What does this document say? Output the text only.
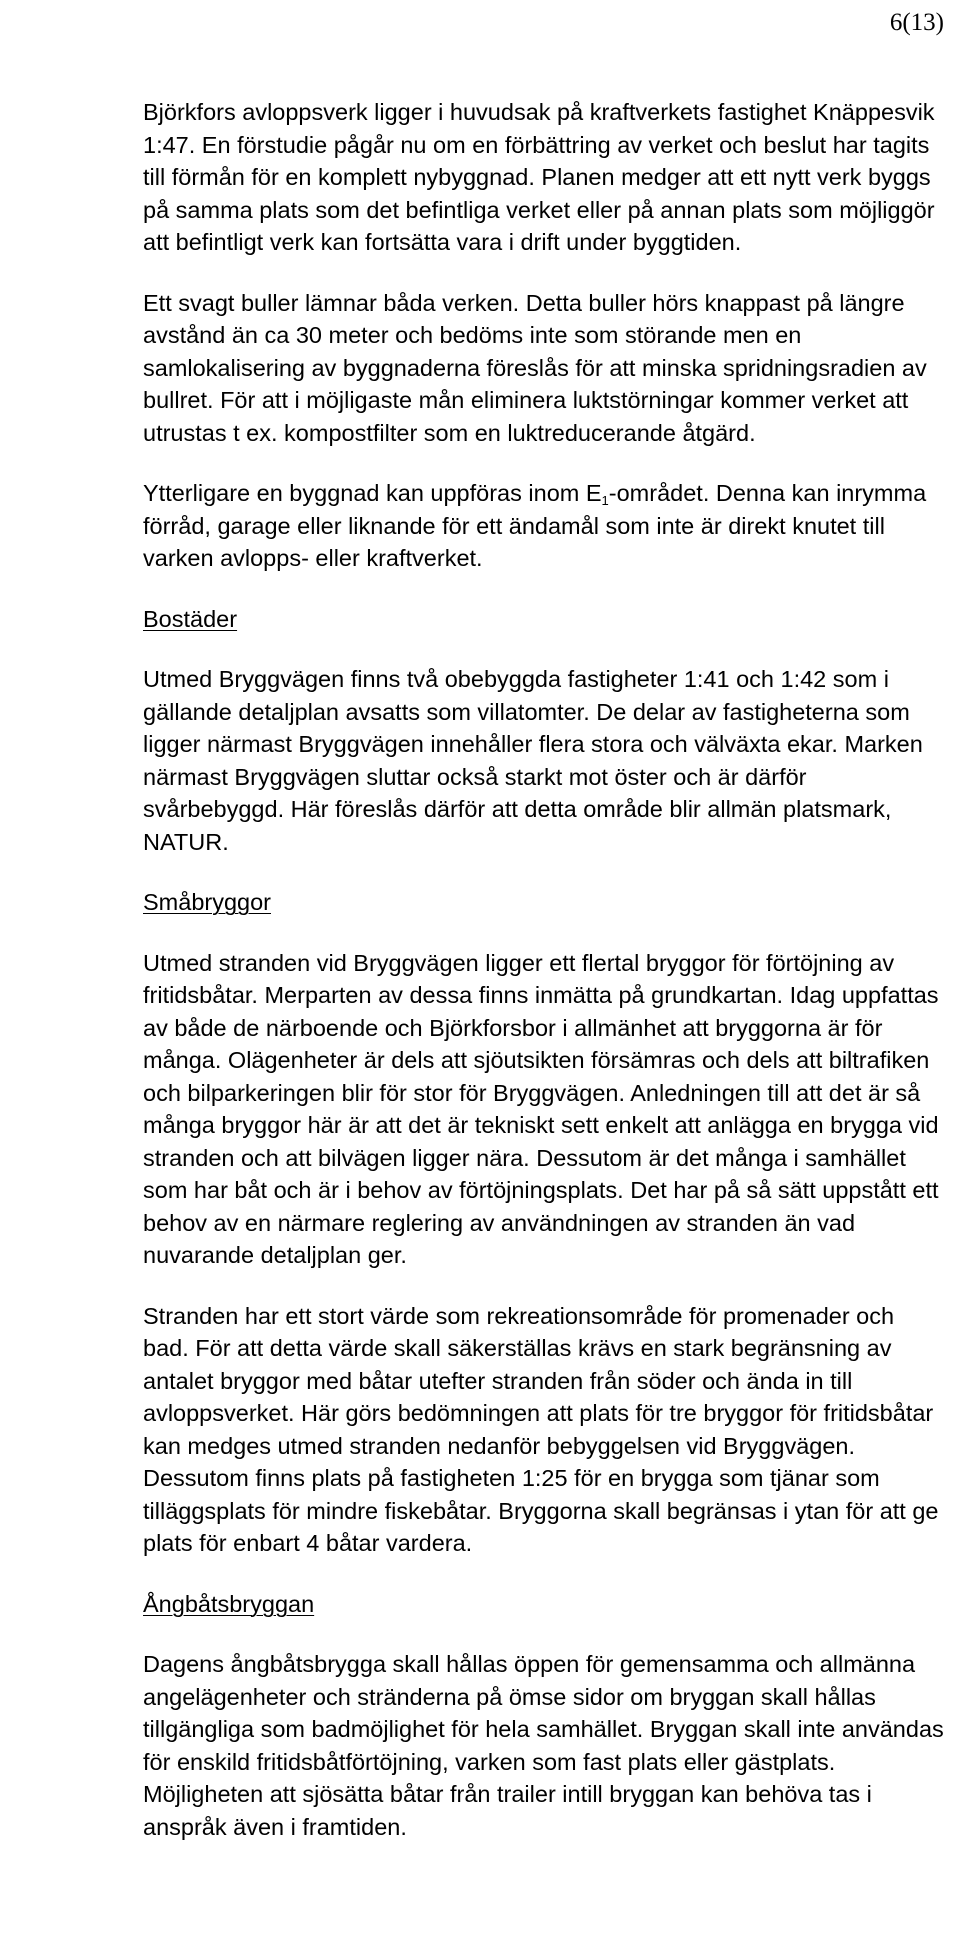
6(13)

Björkfors avloppsverk ligger i huvudsak på kraftverkets fastighet Knäppesvik 1:47. En förstudie pågår nu om en förbättring av verket och beslut har tagits till förmån för en komplett nybyggnad. Planen medger att ett nytt verk byggs på samma plats som det befintliga verket eller på annan plats som möjliggör att befintligt verk kan fortsätta vara i drift under byggtiden.

Ett svagt buller lämnar båda verken. Detta buller hörs knappast på längre avstånd än ca 30 meter och bedöms inte som störande men en samlokalisering av byggnaderna föreslås för att minska spridningsradien av bullret. För att i möjligaste mån eliminera luktstörningar kommer verket att utrustas t ex. kompostfilter som en luktreducerande åtgärd.

Ytterligare en byggnad kan uppföras inom $E_1$-området. Denna kan inrymma förråd, garage eller liknande för ett ändamål som inte är direkt knutet till varken avlopps- eller kraftverket.

Bostäder

Utmed Bryggvägen finns två obebyggda fastigheter 1:41 och 1:42 som i gällande detaljplan avsatts som villatomter. De delar av fastigheterna som ligger närmast Bryggvägen innehåller flera stora och välväxta ekar. Marken närmast Bryggvägen sluttar också starkt mot öster och är därför svårbebyggd. Här föreslås därför att detta område blir allmän platsmark, NATUR.

Småbryggor

Utmed stranden vid Bryggvägen ligger ett flertal bryggor för förtöjning av fritidsbåtar. Merparten av dessa finns inmätta på grundkartan. Idag uppfattas av både de närboende och Björkforsbor i allmänhet att bryggorna är för många. Olägenheter är dels att sjöutsikten försämras och dels att biltrafiken och bilparkeringen blir för stor för Bryggvägen. Anledningen till att det är så många bryggor här är att det är tekniskt sett enkelt att anlägga en brygga vid stranden och att bilvägen ligger nära. Dessutom är det många i samhället som har båt och är i behov av förtöjningsplats. Det har på så sätt uppstått ett behov av en närmare reglering av användningen av stranden än vad nuvarande detaljplan ger.

Stranden har ett stort värde som rekreationsområde för promenader och bad. För att detta värde skall säkerställas krävs en stark begränsning av antalet bryggor med båtar utefter stranden från söder och ända in till avloppsverket. Här görs bedömningen att plats för tre bryggor för fritidsbåtar kan medges utmed stranden nedanför bebyggelsen vid Bryggvägen. Dessutom finns plats på fastigheten 1:25 för en brygga som tjänar som tilläggsplats för mindre fiskebåtar. Bryggorna skall begränsas i ytan för att ge plats för enbart 4 båtar vardera.

Ångbåtsbryggan

Dagens ångbåtsbrygga skall hållas öppen för gemensamma och allmänna angelägenheter och stränderna på ömse sidor om bryggan skall hållas tillgängliga som badmöjlighet för hela samhället. Bryggan skall inte användas för enskild fritidsbåtförtöjning, varken som fast plats eller gästplats. Möjligheten att sjösätta båtar från trailer intill bryggan kan behöva tas i anspråk även i framtiden.
